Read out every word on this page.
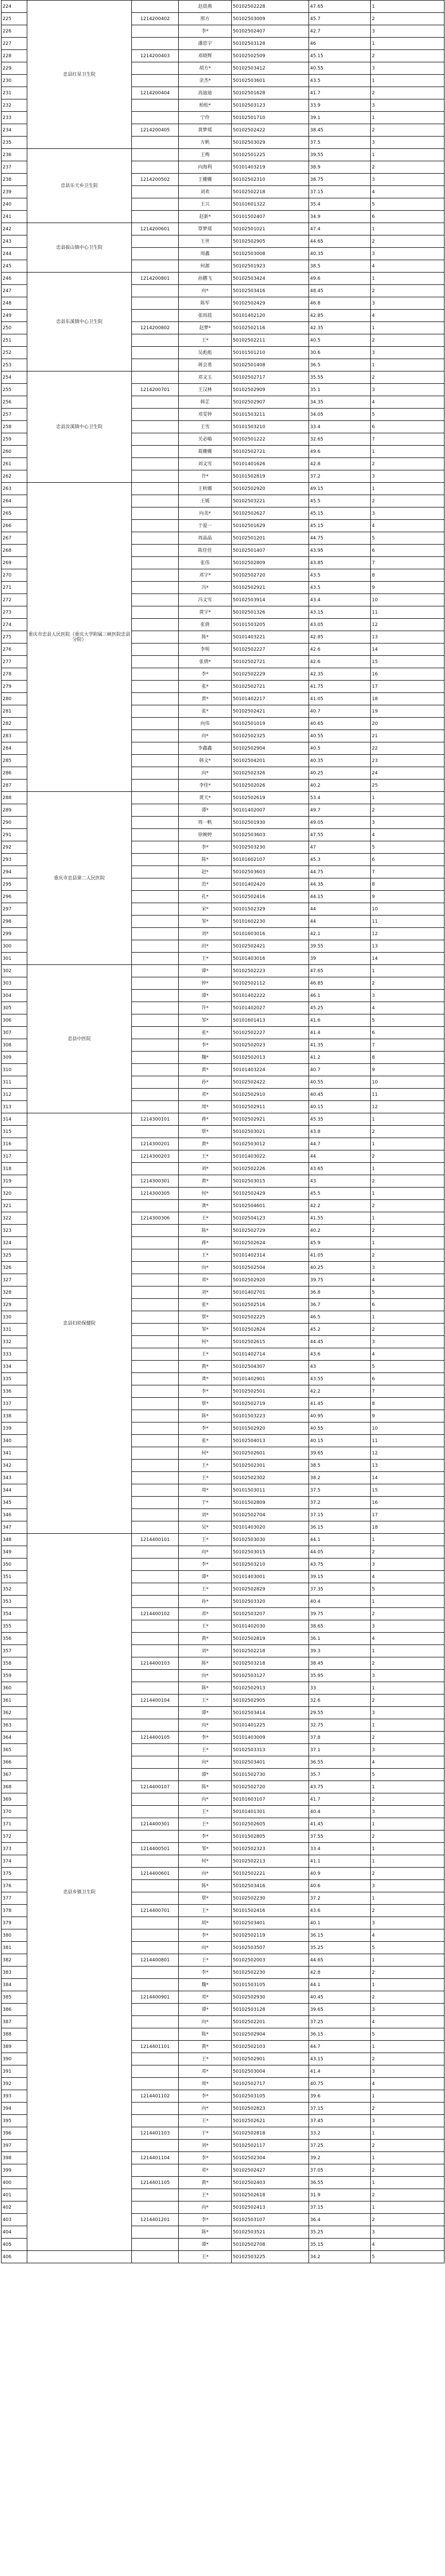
224	忠县红星卫生院		赵晨燕	50102502228	47.65	1
225		1214200402	邢方	50102503009	45.7	2
226			李*	50102502407	42.7	3
227			潘思宇	50102503128	46	1
228		1214200403	邓晓辉	50102502509	45.15	2
229			胡方*	50102503412	40.55	3
230			余杰*	50102503601	43.5	1
231		1214200404	高迪迪	50102501628	41.7	2
232			柏松*	50102503123	33.9	3
233			宁伶	50102501710	39.1	1
234		1214200405	黄梦瑶	50102502422	38.45	2
235			方帆	50102503029	37.5	3
236	忠县乐天乡卫生院		王梅	50102501225	39.55	1
237			向海利	50101403219	38.9	2
238		1214200502	王姗姗	50102502310	38.75	3
239			刘欢	50102502218	37.15	4
240			王兴	50101601322	35.4	5
241			赵新*	50101502407	34.9	6
242	忠县拔山镇中心卫生院	1214200601	覃梦瑶	50102501021	47.4	1
243			王世	50102502905	44.65	2
244			周鑫	50102503008	40.35	3
245			何源	50102501923	38.5	4
246	忠县东溪镇中心卫生院	1214200801	孙鹏飞	50102503424	49.6	1
247			向*	50102503416	48.45	2
248			陈军	50102502429	46.8	3
249			张雨晨	50101402120	42.85	4
250		1214200802	赵梦*	50102502116	42.35	1
251			王*	50102502211	40.5	2
252			吴彪彪	50101501210	30.6	3
253			蒋会勇	50102501408	36.5	1
254	忠县汝溪镇中心卫生院		邓文玉	50102502717	35.55	2
255		1214200701	王汉林	50102502909	35.1	3
256			韩芷	50102502907	34.35	4
257			邓雯钟	50101503211	34.05	5
258			王雪	50101503210	33.4	6
259			关必喻	50102501222	32.65	7
260			葛姗姗	50102502721	49.6	1
261			刘文雪	50101401626	42.8	2
262			许*	50101502819	37.2	3
263	重庆市忠县人民医院（重庆大学附属三峡医院忠县分院）		王秋娜	50102502920	49.15	1
264			王媛	50102503221	45.5	2
265			向美*	50102502627	45.15	3
266			于爱一	50102501629	45.15	4
267			周晶晶	50102501201	44.75	5
268			陈佳佳	50102501407	43.95	6
269			张伟	50102502809	43.85	7
270			邓宇*	50102502720	43.5	8
271			冯*	50102502921	43.5	9
272			冯文雪	50102503914	43.4	10
273			黄宇*	50102501326	43.15	11
274			张倩	50101503205	43.05	12
275			陈*	50101403221	42.85	13
276			李明	50102502227	42.6	14
277			张倩*	50102502721	42.6	15
278			李*	50102502229	42.35	16
279			张*	50102502721	41.75	17
280			黄*	50101402217	41.05	18
281			张*	50102502421	40.7	19
282			向伟	50102501019	40.65	20
283			向*	50102502325	40.55	21
284			李鑫鑫	50102502904	40.5	22
285			韩文*	50102504201	40.35	23
286			向*	50102502326	40.25	24
287			李佳*	50102502026	40.2	25
288	重庆市忠县第二人民医院		黄天*	50102502619	53.4	1
289			谭*	50101402007	49.7	2
290			周一帆	50102501930	49.05	3
291			徐婉婷	50102503603	47.55	4
292			李*	50102503230	47	5
293			陈*	50101602107	45.3	6
294			赵*	50102503603	44.75	7
295			范*	50101402420	44.35	8
296			孔*	50102502416	44.15	9
297			宋*	50101502329	44	10
298			邹*	50101602230	44	11
299			刘*	50101603016	42.1	12
300			田*	50102502421	39.55	13
301			王*	50101403016	39	14
302	忠县中医院		谭*	50102502223	47.65	1
303			钟*	50102502112	46.85	2
304			谭*	50101402222	46.1	3
305			许*	50101402027	45.25	4
306			邹*	50101601413	41.6	5
307			张*	50102502227	41.4	6
308			李*	50102502023	41.35	7
309			魏*	50102502013	41.2	8
310			黄*	50101403224	40.7	9
311			孙*	50102502422	40.55	10
312			邓*	50102502910	40.45	11
313			周*	50102502911	40.15	12
314	忠县妇幼保健院	1214300101	蒋*	50102502921	45.35	1
315			覃*	50102503021	43.8	2
316		1214300201	黄*	50102503012	44.7	1
317		1214300203	王*	50101403022	44	2
318			刘*	50102502226	43.65	1
319		1214300301	黄*	50102503015	43	2
320		1214300305	何*	50102502429	45.5	1
321			龚*	50102504601	42.2	2
322		1214300306	王*	50102504123	41.55	1
323			陈*	50102502729	40.2	2
324			蒋*	50102502624	45.9	1
325			王*	50101402314	41.05	2
326			向*	50102502504	40.25	3
327			邓*	50102502920	39.75	4
328			刘*	50101402701	36.8	5
329			张*	50102502516	36.7	6
330			覃*	50102502225	46.5	1
331			邹*	50102502824	45.2	2
332			何*	50102502615	44.45	3
333			王*	50101402714	43.6	4
334			黄*	50102504307	43	5
335			龚*	50101402901	43.55	6
336			李*	50102502501	42.2	7
337			覃*	50102502719	41.45	8
338			陈*	50101503223	40.95	9
339			李*	50101502920	40.55	10
340			张*	50102504013	40.15	11
341			何*	50102502601	39.65	12
342			王*	50102502301	38.5	13
343			王*	50102502302	38.2	14
344			周*	50101503011	37.5	15
345			于*	50101502809	37.2	16
346			刘*	50102502704	37.15	17
347			吴*	50101403020	36.15	18
348	忠县乡镇卫生院	1214400101	王*	50102503030	44.1	1
349			向*	50102503015	44.05	2
350			李*	50102503210	43.75	3
351			谭*	50101403001	39.15	4
352			王*	50102502829	37.35	5
353			孙*	50102503320	40.4	1
354		1214400102	邓*	50102503207	39.75	2
355			王*	50101402030	38.65	3
356			黄*	50102502819	36.1	4
357			刘*	50102502218	39.3	1
358		1214400103	陈*	50102503218	38.45	2
359			向*	50102503127	35.95	3
360			陈*	50102502913	33	1
361		1214400104	王*	50102502905	32.6	2
362			谭*	50102503414	29.55	3
363			向*	50101401225	32.75	1
364		1214400105	李*	50101403009	37.8	2
365			王*	50102503313	37.1	3
366			向*	50102503401	36.55	4
367			谭*	50101502730	35.7	5
368		1214400107	陈*	50102502720	43.75	1
369			向*	50101603107	41.7	2
370			王*	50101401301	40.4	3
371		1214400301	王*	50102502605	41.45	1
372			李*	50101502805	37.55	2
373		1214400501	邹*	50102502323	33.4	1
374			何*	50102502213	41.1	1
375		1214400601	向*	50102502221	40.9	2
376			陈*	50102503416	40.6	3
377			覃*	50102502230	37.2	1
378		1214400701	王*	50101502416	43.6	2
379			胡*	50102503401	40.1	3
380			李*	50102502119	36.15	4
381			向*	50102503507	35.25	5
382		1214400801	王*	50102502003	44.65	1
383			李*	50102502230	42.8	2
384			魏*	50101503105	44.1	1
385		1214400901	邓*	50102502930	40.45	2
386			谭*	50102503128	39.65	3
387			向*	50102502201	37.25	4
388			陈*	50102502904	36.15	5
389		1214401101	黄*	50102502103	44.7	1
390			王*	50102502901	43.15	2
391			邓*	50102503004	41.4	3
392			周*	50102502717	40.75	4
393		1214401102	李*	50102503105	39.6	1
394			向*	50102502823	37.15	2
395			王*	50102502621	37.45	3
396		1214401103	于*	50102502818	33.2	1
397			刘*	50102502117	37.25	2
398		1214401104	李*	50102502304	39.2	1
399			邓*	50102502427	37.05	2
400		1214401105	黄*	50102502403	36.55	1
401			王*	50102502618	31.9	2
402			向*	50102502413	37.15	1
403		1214401201	李*	50102503107	36.4	2
404			陈*	50102503521	35.25	3
405			谭*	50102502708	35.15	4
406			王*	50102503225	34.2	5
